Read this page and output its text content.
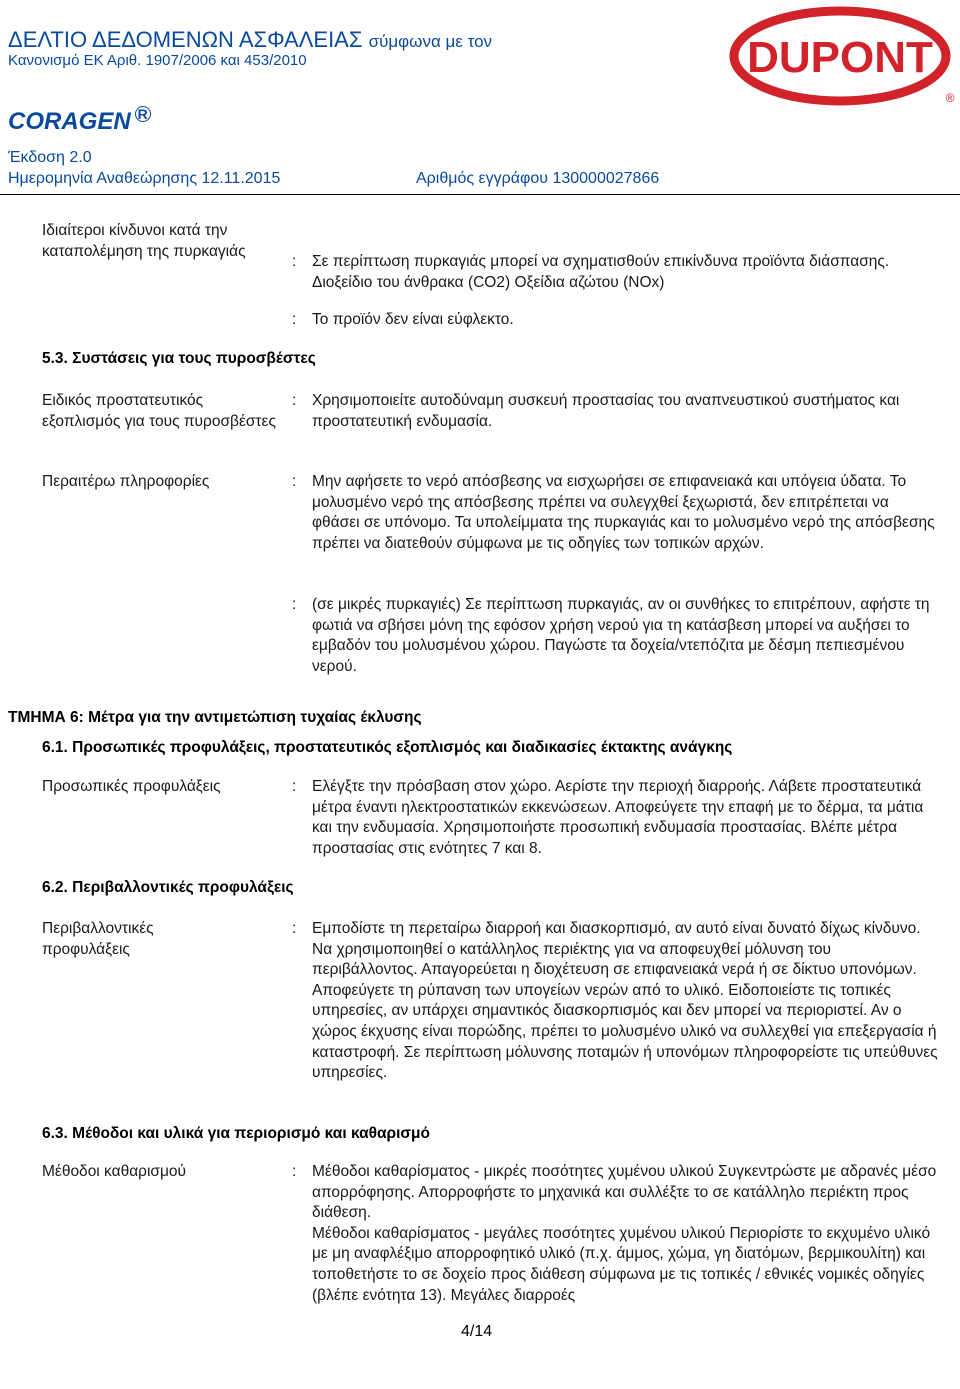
ΔΕΛΤΙΟ ΔΕΔΟΜΕΝΩΝ ΑΣΦΑΛΕΙΑΣ σύμφωνα με τον
Κανονισμό ΕΚ Αριθ. 1907/2006 και 453/2010
CORAGEN $^R$
Έκδοση 2.0
Ημερομηνία Αναθεώρησης 12.11.2015	Αριθμός εγγράφου 130000027866
DUPONT
®
Ιδιαίτεροι κίνδυνοι κατά την καταπολέμηση της πυρκαγιάς
:	Σε περίπτωση πυρκαγιάς μπορεί να σχηματισθούν επικίνδυνα προϊόντα διάσπασης. Διοξείδιο του άνθρακα (CO2) Οξείδια αζώτου (NOx)
:	Το προϊόν δεν είναι εύφλεκτο.
5.3. Συστάσεις για τους πυροσβέστες
Ειδικός προστατευτικός εξοπλισμός για τους πυροσβέστες
:	Χρησιμοποιείτε αυτοδύναμη συσκευή προστασίας του αναπνευστικού συστήματος και προστατευτική ενδυμασία.
Περαιτέρω πληροφορίες	:	Μην αφήσετε το νερό απόσβεσης να εισχωρήσει σε επιφανειακά και υπόγεια ύδατα. Το μολυσμένο νερό της απόσβεσης πρέπει να συλεγχθεί ξεχωριστά, δεν επιτρέπεται να φθάσει σε υπόνομο. Τα υπολείμματα της πυρκαγιάς και το μολυσμένο νερό της απόσβεσης πρέπει να διατεθούν σύμφωνα με τις οδηγίες των τοπικών αρχών.
:	(σε μικρές πυρκαγιές) Σε περίπτωση πυρκαγιάς, αν οι συνθήκες το επιτρέπουν, αφήστε τη φωτιά να σβήσει μόνη της εφόσον χρήση νερού για τη κατάσβεση μπορεί να αυξήσει το εμβαδόν του μολυσμένου χώρου. Παγώστε τα δοχεία/ντεπόζιτα με δέσμη πεπιεσμένου νερού.
ΤΜΗΜΑ 6: Μέτρα για την αντιμετώπιση τυχαίας έκλυσης
6.1. Προσωπικές προφυλάξεις, προστατευτικός εξοπλισμός και διαδικασίες έκτακτης ανάγκης
Προσωπικές προφυλάξεις	:	Ελέγξτε την πρόσβαση στον χώρο. Αερίστε την περιοχή διαρροής. Λάβετε προστατευτικά μέτρα έναντι ηλεκτροστατικών εκκενώσεων. Αποφεύγετε την επαφή με το δέρμα, τα μάτια και την ενδυμασία. Χρησιμοποιήστε προσωπική ενδυμασία προστασίας. Βλέπε μέτρα προστασίας στις ενότητες 7 και 8.
6.2. Περιβαλλοντικές προφυλάξεις
Περιβαλλοντικές προφυλάξεις
:	Εμποδίστε τη περεταίρω διαρροή και διασκορπισμό, αν αυτό είναι δυνατό δίχως κίνδυνο. Να χρησιμοποιηθεί ο κατάλληλος περιέκτης για να αποφευχθεί μόλυνση του περιβάλλοντος. Απαγορεύεται η διοχέτευση σε επιφανειακά νερά ή σε δίκτυο υπονόμων. Αποφεύγετε τη ρύπανση των υπογείων νερών από το υλικό. Ειδοποιείστε τις τοπικές υπηρεσίες, αν υπάρχει σημαντικός διασκορπισμός και δεν μπορεί να περιοριστεί. Αν ο χώρος έκχυσης είναι πορώδης, πρέπει το μολυσμένο υλικό να συλλεχθεί για επεξεργασία ή καταστροφή. Σε περίπτωση μόλυνσης ποταμών ή υπονόμων πληροφορείστε τις υπεύθυνες υπηρεσίες.
6.3. Μέθοδοι και υλικά για περιορισμό και καθαρισμό
Μέθοδοι καθαρισμού	:	Μέθοδοι καθαρίσματος - μικρές ποσότητες χυμένου υλικού Συγκεντρώστε με αδρανές μέσο απορρόφησης. Απορροφήστε το μηχανικά και συλλέξτε το σε κατάλληλο περιέκτη προς διάθεση.
Μέθοδοι καθαρίσματος - μεγάλες ποσότητες χυμένου υλικού Περιορίστε το εκχυμένο υλικό με μη αναφλέξιμο απορροφητικό υλικό (π.χ. άμμος, χώμα, γη διατόμων, βερμικουλίτη) και τοποθετήστε το σε δοχείο προς διάθεση σύμφωνα με τις τοπικές / εθνικές νομικές οδηγίες (βλέπε ενότητα 13). Μεγάλες διαρροές
4/14
